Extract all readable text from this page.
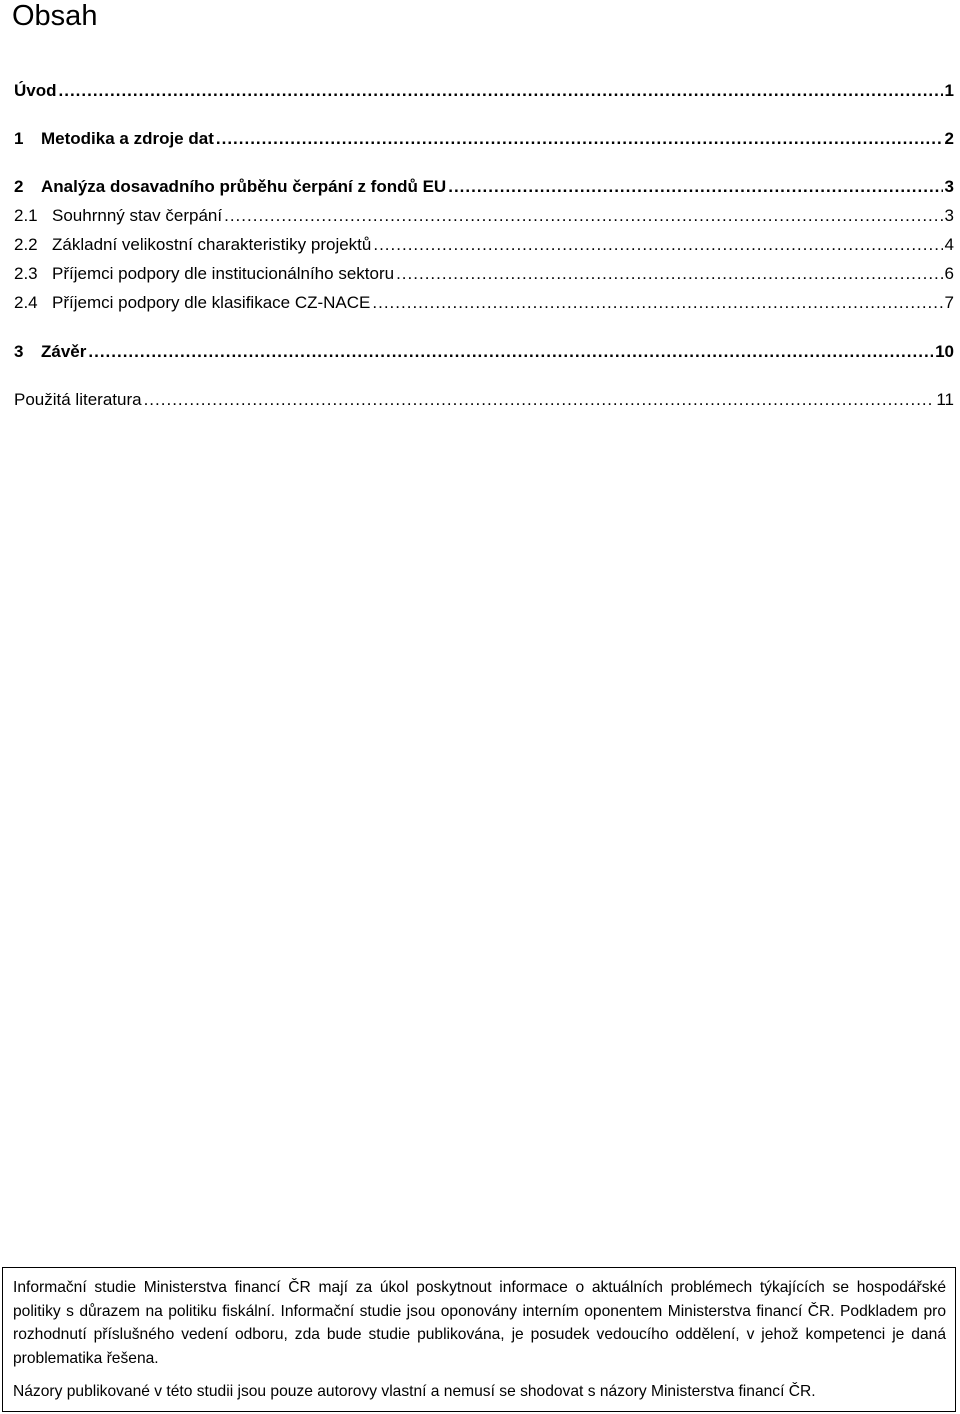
Obsah
Úvod .....	1
1	Metodika a zdroje dat .....	2
2	Analýza dosavadního průběhu čerpání z fondů EU .....	3
2.1 Souhrnný stav čerpání .....	3
2.2 Základní velikostní charakteristiky projektů .....	4
2.3 Příjemci podpory dle institucionálního sektoru .....	6
2.4 Příjemci podpory dle klasifikace CZ-NACE .....	7
3	Závěr .....	10
Použitá literatura .....	11

Informační studie Ministerstva financí ČR mají za úkol poskytnout informace o aktuálních problémech týkajících se hospodářské politiky s důrazem na politiku fiskální. Informační studie jsou oponovány interním oponentem Ministerstva financí ČR. Podkladem pro rozhodnutí příslušného vedení odboru, zda bude studie publikována, je posudek vedoucího oddělení, v jehož kompetenci je daná problematika řešena.

Názory publikované v této studii jsou pouze autorovy vlastní a nemusí se shodovat s názory Ministerstva financí ČR.
